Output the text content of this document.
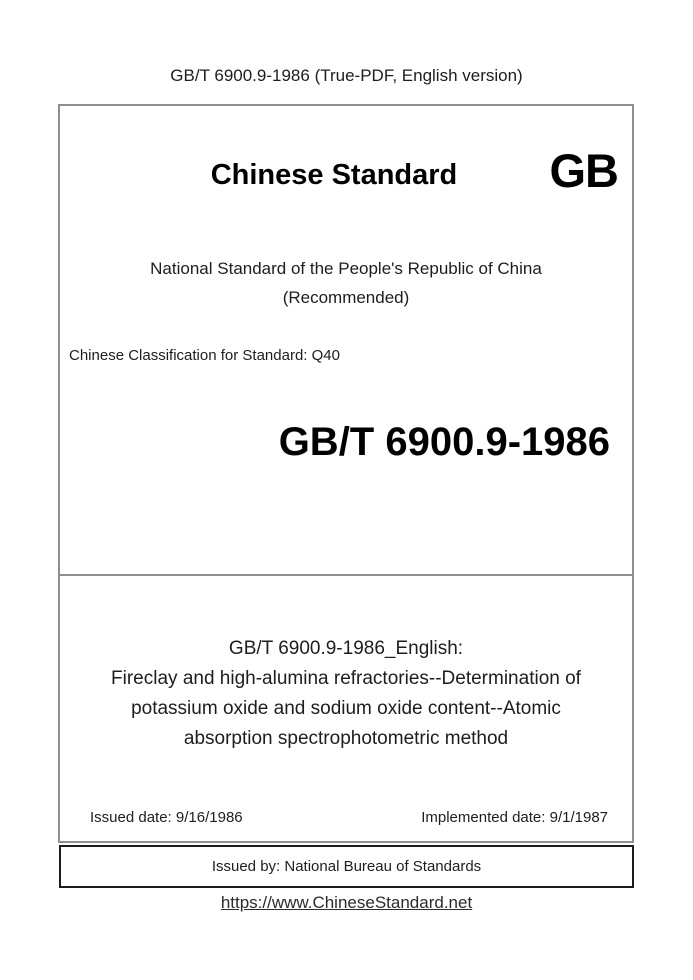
GB/T 6900.9-1986 (True-PDF, English version)
Chinese Standard	GB
National Standard of the People's Republic of China
(Recommended)
Chinese Classification for Standard: Q40
GB/T 6900.9-1986
GB/T 6900.9-1986_English:
Fireclay and high-alumina refractories--Determination of
potassium oxide and sodium oxide content--Atomic
absorption spectrophotometric method
Issued date: 9/16/1986	Implemented date: 9/1/1987
Issued by: National Bureau of Standards
https://www.ChineseStandard.net
